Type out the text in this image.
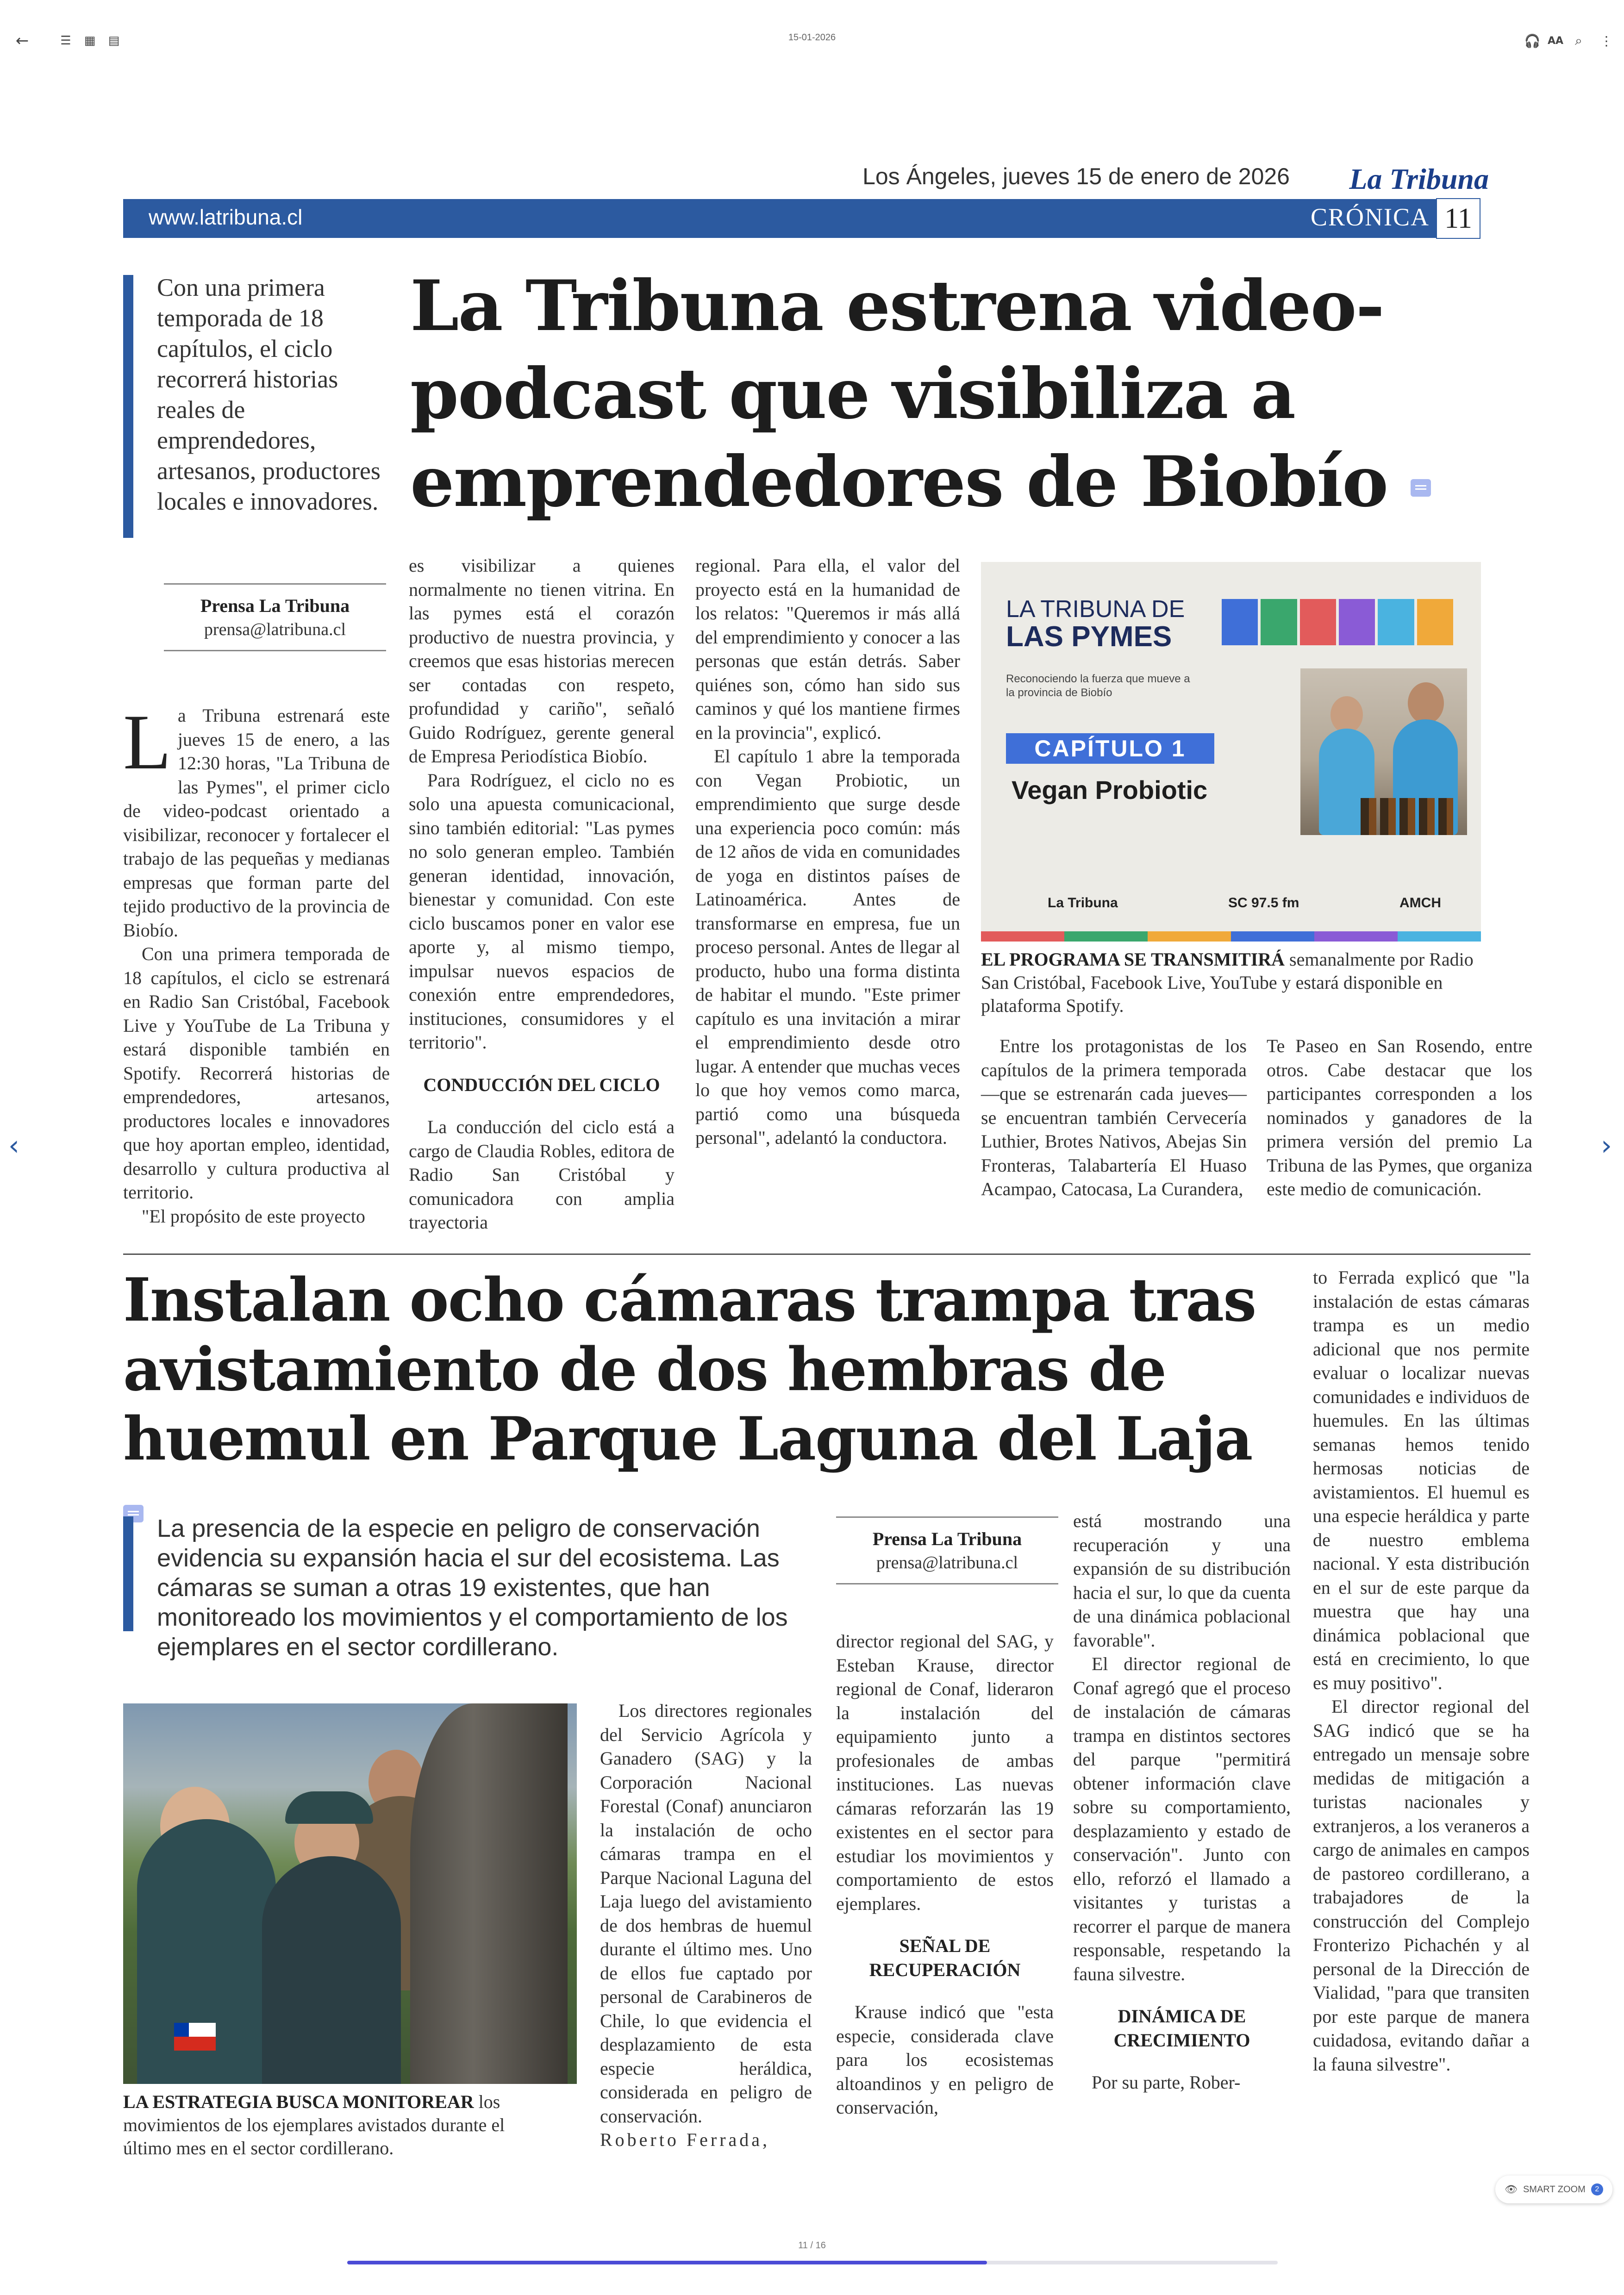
←	☰	▦	▤	15-01-2026	🎧 AA ⌕	⋮
‹	›
Los Ángeles, jueves 15 de enero de 2026 La Tribuna
www.latribuna.cl	CRÓNICA 11
Con una primera temporada de 18 capítulos, el ciclo recorrerá historias reales de emprendedores, artesanos, productores locales e innovadores.
La Tribuna estrena video-podcast que visibiliza a emprendedores de Biobío
Prensa La Tribuna
prensa@latribuna.cl

La Tribuna estrenará este jueves 15 de enero, a las 12:30 horas, "La Tribuna de las Pymes", el primer ciclo de video-podcast orientado a visibilizar, reconocer y fortalecer el trabajo de las pequeñas y medianas empresas que forman parte del tejido productivo de la provincia de Biobío.

Con una primera temporada de 18 capítulos, el ciclo se estrenará en Radio San Cristóbal, Facebook Live y YouTube de La Tribuna y estará disponible también en Spotify. Recorrerá historias de emprendedores, artesanos, productores locales e innovadores que hoy aportan empleo, identidad, desarrollo y cultura productiva al territorio.

"El propósito de este proyecto

es visibilizar a quienes normalmente no tienen vitrina. En las pymes está el corazón productivo de nuestra provincia, y creemos que esas historias merecen ser contadas con respeto, profundidad y cariño", señaló Guido Rodríguez, gerente general de Empresa Periodística Biobío.

Para Rodríguez, el ciclo no es solo una apuesta comunicacional, sino también editorial: "Las pymes no solo generan empleo. También generan identidad, innovación, bienestar y comunidad. Con este ciclo buscamos poner en valor ese aporte y, al mismo tiempo, impulsar nuevos espacios de conexión entre emprendedores, instituciones, consumidores y el territorio".

CONDUCCIÓN DEL CICLO

La conducción del ciclo está a cargo de Claudia Robles, editora de Radio San Cristóbal y comunicadora con amplia trayectoria

regional. Para ella, el valor del proyecto está en la humanidad de los relatos: "Queremos ir más allá del emprendimiento y conocer a las personas que están detrás. Saber quiénes son, cómo han sido sus caminos y qué los mantiene firmes en la provincia", explicó.

El capítulo 1 abre la temporada con Vegan Probiotic, un emprendimiento que surge desde una experiencia poco común: más de 12 años de vida en comunidades de yoga en distintos países de Latinoamérica. Antes de transformarse en empresa, fue un proceso personal. Antes de llegar al producto, hubo una forma distinta de habitar el mundo. "Este primer capítulo es una invitación a mirar el emprendimiento desde otro lugar. A entender que muchas veces lo que hoy vemos como marca, partió como una búsqueda personal", adelantó la conductora.

LA TRIBUNA DE
LAS PYMES
Reconociendo la fuerza que mueve a la provincia de Biobío
CAPÍTULO 1
Vegan Probiotic
La Tribuna	SC 97.5 fm	AMCH
EL PROGRAMA SE TRANSMITIRÁ semanalmente por Radio San Cristóbal, Facebook Live, YouTube y estará disponible en plataforma Spotify.

Entre los protagonistas de los capítulos de la primera temporada —que se estrenarán cada jueves— se encuentran también Cervecería Luthier, Brotes Nativos, Abejas Sin Fronteras, Talabartería El Huaso Acampao, Catocasa, La Curandera,

Te Paseo en San Rosendo, entre otros. Cabe destacar que los participantes corresponden a los nominados y ganadores de la primera versión del premio La Tribuna de las Pymes, que organiza este medio de comunicación.

Instalan ocho cámaras trampa tras avistamiento de dos hembras de huemul en Parque Laguna del Laja
La presencia de la especie en peligro de conservación evidencia su expansión hacia el sur del ecosistema. Las cámaras se suman a otras 19 existentes, que han monitoreado los movimientos y el comportamiento de los ejemplares en el sector cordillerano.
LA ESTRATEGIA BUSCA MONITOREAR los movimientos de los ejemplares avistados durante el último mes en el sector cordillerano.
Prensa La Tribuna
prensa@latribuna.cl

Los directores regionales del Servicio Agrícola y Ganadero (SAG) y la Corporación Nacional Forestal (Conaf) anunciaron la instalación de ocho cámaras trampa en el Parque Nacional Laguna del Laja luego del avistamiento de dos hembras de huemul durante el último mes. Uno de ellos fue captado por personal de Carabineros de Chile, lo que evidencia el desplazamiento de esta especie heráldica, considerada en peligro de conservación.

Roberto Ferrada,

director regional del SAG, y Esteban Krause, director regional de Conaf, lideraron la instalación del equipamiento junto a profesionales de ambas instituciones. Las nuevas cámaras reforzarán las 19 existentes en el sector para estudiar los movimientos y comportamiento de estos ejemplares.

SEÑAL DE RECUPERACIÓN

Krause indicó que "esta especie, considerada clave para los ecosistemas altoandinos y en peligro de conservación,

está mostrando una recuperación y una expansión de su distribución hacia el sur, lo que da cuenta de una dinámica poblacional favorable".

El director regional de Conaf agregó que el proceso de instalación de cámaras trampa en distintos sectores del parque "permitirá obtener información clave sobre su comportamiento, desplazamiento y estado de conservación". Junto con ello, reforzó el llamado a visitantes y turistas a recorrer el parque de manera responsable, respetando la fauna silvestre.

DINÁMICA DE CRECIMIENTO

Por su parte, Rober-

to Ferrada explicó que "la instalación de estas cámaras trampa es un medio adicional que nos permite evaluar o localizar nuevas comunidades e individuos de huemules. En las últimas semanas hemos tenido hermosas noticias de avistamientos. El huemul es una especie heráldica y parte de nuestro emblema nacional. Y esta distribución en el sur de este parque da muestra que hay una dinámica poblacional que está en crecimiento, lo que es muy positivo".

El director regional del SAG indicó que se ha entregado un mensaje sobre medidas de mitigación a turistas nacionales y extranjeros, a los veraneros a cargo de animales en campos de pastoreo cordillerano, a trabajadores de la construcción del Complejo Fronterizo Pichachén y al personal de la Dirección de Vialidad, "para que transiten por este parque de manera cuidadosa, evitando dañar a la fauna silvestre".

👁 SMART ZOOM	2
11 / 16
